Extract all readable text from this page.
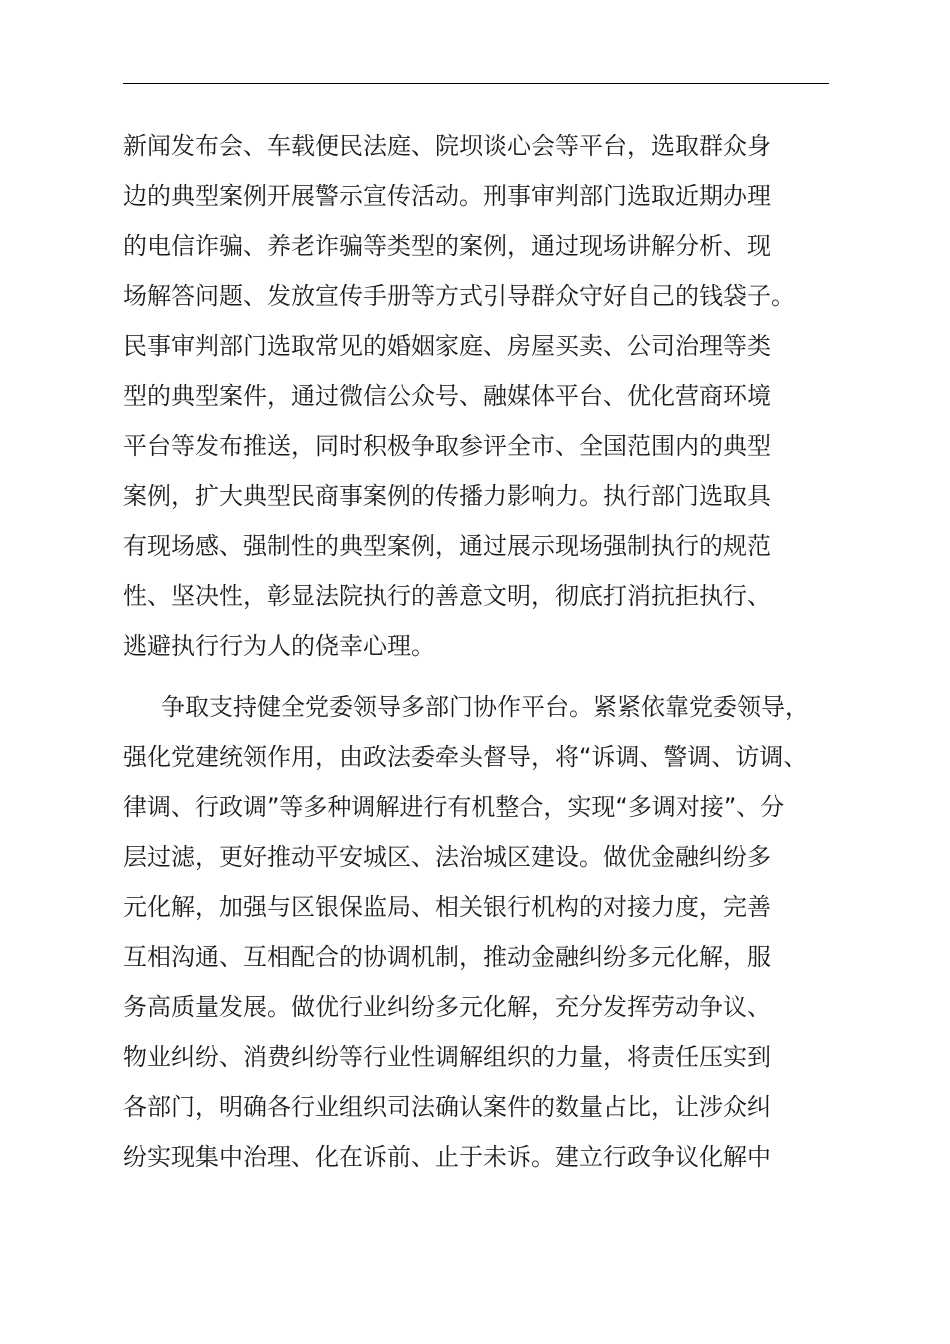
新闻发布会、车载便民法庭、院坝谈心会等平台，选取群众身
边的典型案例开展警示宣传活动。刑事审判部门选取近期办理
的电信诈骗、养老诈骗等类型的案例，通过现场讲解分析、现
场解答问题、发放宣传手册等方式引导群众守好自己的钱袋子。
民事审判部门选取常见的婚姻家庭、房屋买卖、公司治理等类
型的典型案件，通过微信公众号、融媒体平台、优化营商环境
平台等发布推送，同时积极争取参评全市、全国范围内的典型
案例，扩大典型民商事案例的传播力影响力。执行部门选取具
有现场感、强制性的典型案例，通过展示现场强制执行的规范
性、坚决性，彰显法院执行的善意文明，彻底打消抗拒执行、
逃避执行行为人的侥幸心理。
争取支持健全党委领导多部门协作平台。紧紧依靠党委领导，
强化党建统领作用，由政法委牵头督导，将“诉调、警调、访调、
律调、行政调”等多种调解进行有机整合，实现“多调对接”、分
层过滤，更好推动平安城区、法治城区建设。做优金融纠纷多
元化解，加强与区银保监局、相关银行机构的对接力度，完善
互相沟通、互相配合的协调机制，推动金融纠纷多元化解，服
务高质量发展。做优行业纠纷多元化解，充分发挥劳动争议、
物业纠纷、消费纠纷等行业性调解组织的力量，将责任压实到
各部门，明确各行业组织司法确认案件的数量占比，让涉众纠
纷实现集中治理、化在诉前、止于未诉。建立行政争议化解中
